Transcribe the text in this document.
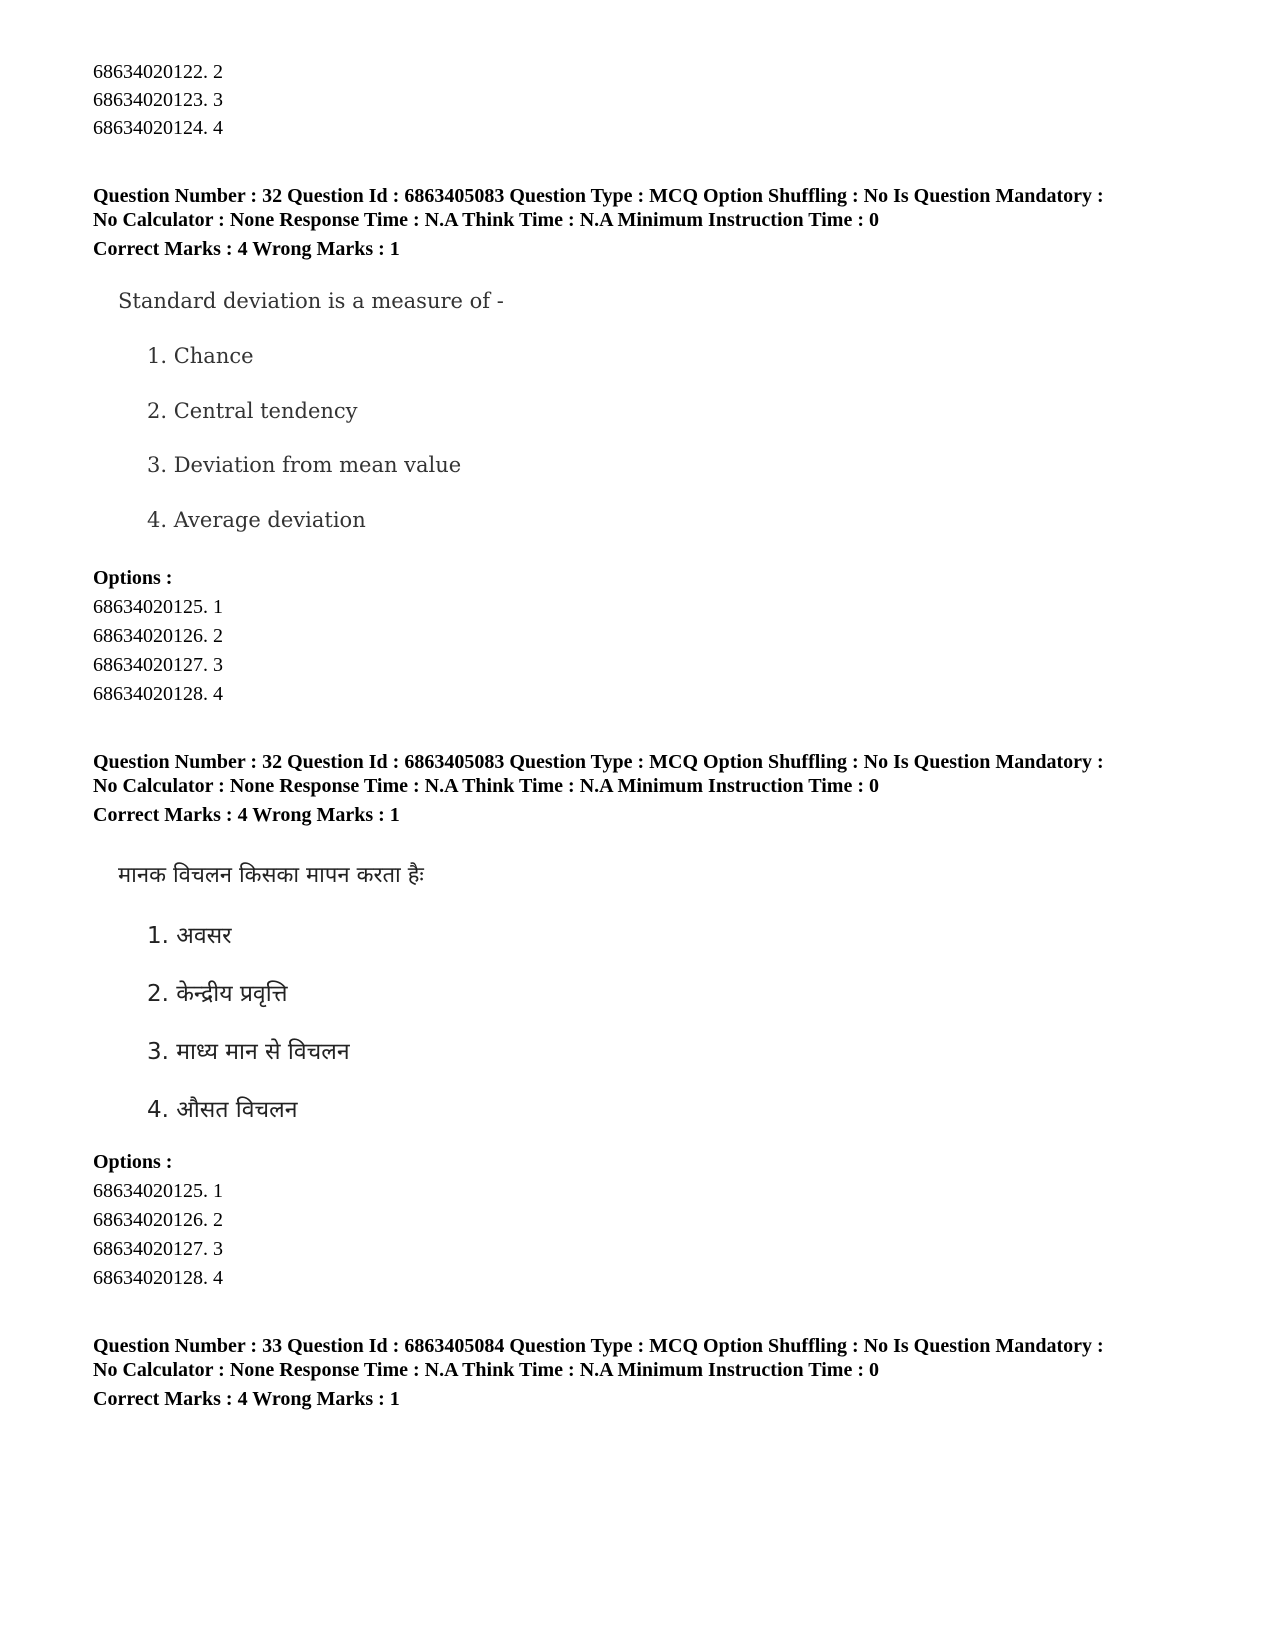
68634020122. 2
68634020123. 3
68634020124. 4
Question Number : 32 Question Id : 6863405083 Question Type : MCQ Option Shuffling : No Is Question Mandatory :
No Calculator : None Response Time : N.A Think Time : N.A Minimum Instruction Time : 0
Correct Marks : 4 Wrong Marks : 1
Standard deviation is a measure of -
1. Chance
2. Central tendency
3. Deviation from mean value
4. Average deviation
Options :
68634020125. 1
68634020126. 2
68634020127. 3
68634020128. 4
Question Number : 32 Question Id : 6863405083 Question Type : MCQ Option Shuffling : No Is Question Mandatory :
No Calculator : None Response Time : N.A Think Time : N.A Minimum Instruction Time : 0
Correct Marks : 4 Wrong Marks : 1
मानक विचलन किसका मापन करता हैः
1. अवसर
2. केन्द्रीय प्रवृत्ति
3. माध्य मान से विचलन
4. औसत विचलन
Options :
68634020125. 1
68634020126. 2
68634020127. 3
68634020128. 4
Question Number : 33 Question Id : 6863405084 Question Type : MCQ Option Shuffling : No Is Question Mandatory :
No Calculator : None Response Time : N.A Think Time : N.A Minimum Instruction Time : 0
Correct Marks : 4 Wrong Marks : 1
